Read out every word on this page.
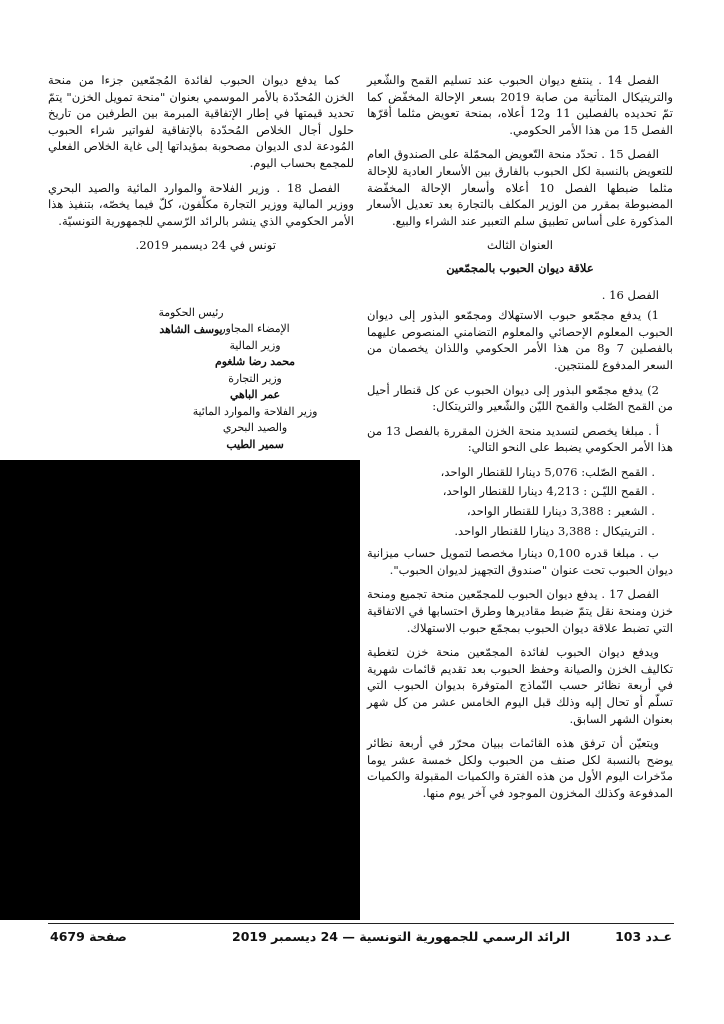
الفصل 14 . ينتفع ديوان الحبوب عند تسليم القمح والشّعير والتريتيكال المتأتية من صابة 2019 بسعر الإحالة المخفّض كما تمّ تحديده بالفصلين 11 و12 أعلاه، بمنحة تعويض مثلما أقرّها الفصل 15 من هذا الأمر الحكومي.

الفصل 15 . تحدّد منحة التّعويض المحمّلة على الصندوق العام للتعويض بالنسبة لكل الحبوب بالفارق بين الأسعار العادية للإحالة مثلما ضبطها الفصل 10 أعلاه وأسعار الإحالة المخفّضة المضبوطة بمقرر من الوزير المكلف بالتجارة بعد تعديل الأسعار المذكورة على أساس تطبيق سلم التعبير عند الشراء والبيع.

العنوان الثالث

علاقة ديوان الحبوب بالمجمّعين

الفصل 16 .

1) يدفع مجمّعو حبوب الاستهلاك ومجمّعو البذور إلى ديوان الحبوب المعلوم الإحصائي والمعلوم التضامني المنصوص عليهما بالفصلين 7 و8 من هذا الأمر الحكومي واللذان يخصمان من السعر المدفوع للمنتجين.

2) يدفع مجمّعو البذور إلى ديوان الحبوب عن كل قنطار أحيل من القمح الصّلب والقمح الليّن والشّعير والتريتكال:

أ . مبلغا يخصص لتسديد منحة الخزن المقررة بالفصل 13 من هذا الأمر الحكومي يضبط على النحو التالي:

. القمح الصّلب: 5,076 دينارا للقنطار الواحد،

. القمح الليّـن : 4,213 دينارا للقنطار الواحد،

. الشعير : 3,388 دينارا للقنطار الواحد،

. التريتيكال : 3,388 دينارا للقنطار الواحد.

ب . مبلغا قدره 0,100 دينارا مخصصا لتمويل حساب ميزانية ديوان الحبوب تحت عنوان "صندوق التجهيز لديوان الحبوب".

الفصل 17 . يدفع ديوان الحبوب للمجمّعين منحة تجميع ومنحة خزن ومنحة نقل يتمّ ضبط مقاديرها وطرق احتسابها في الاتفاقية التي تضبط علاقة ديوان الحبوب بمجمّع حبوب الاستهلاك.

ويدفع ديوان الحبوب لفائدة المجمّعين منحة خزن لتغطية تكاليف الخزن والصيانة وحفظ الحبوب بعد تقديم قائمات شهرية في أربعة نظائر حسب النّماذج المتوفرة بديوان الحبوب التي تسلّم أو تحال إليه وذلك قبل اليوم الخامس عشر من كل شهر بعنوان الشهر السابق.

ويتعيّن أن ترفق هذه القائمات ببيان محرّر في أربعة نظائر يوضح بالنسبة لكل صنف من الحبوب ولكل خمسة عشر يوما مدّخرات اليوم الأول من هذه الفترة والكميات المقبولة والكميات المدفوعة وكذلك المخزون الموجود في آخر يوم منها.

كما يدفع ديوان الحبوب لفائدة المُجمّعين جزءا من منحة الخزن المُحدّدة بالأمر الموسمي بعنوان "منحة تمويل الخزن" يتمّ تحديد قيمتها في إطار الإتفاقية المبرمة بين الطرفين من تاريخ حلول أجال الخلاص المُحدّدة بالإتفاقية لفواتير شراء الحبوب المُودعة لدى الديوان مصحوبة بمؤيداتها إلى غاية الخلاص الفعلي للمجمع بحساب اليوم.

الفصل 18 . وزير الفلاحة والموارد المائية والصيد البحري ووزير المالية ووزير التجارة مكلّفون، كلّ فيما يخصّه، بتنفيذ هذا الأمر الحكومي الذي ينشر بالرائد الرّسمي للجمهورية التونسيّة.

تونس في 24 ديسمبر 2019.

رئيس الحكومة
يوسف الشاهد
الإمضاء المجاور
وزير المالية
محمد رضا شلغوم
وزير التجارة
عمر الباهي
وزير الفلاحة والموارد المائية
والصيد البحري
سمير الطيب
عـدد 103
الرائد الرسمي للجمهورية التونسية — 24 ديسمبر 2019
صفحة 4679
